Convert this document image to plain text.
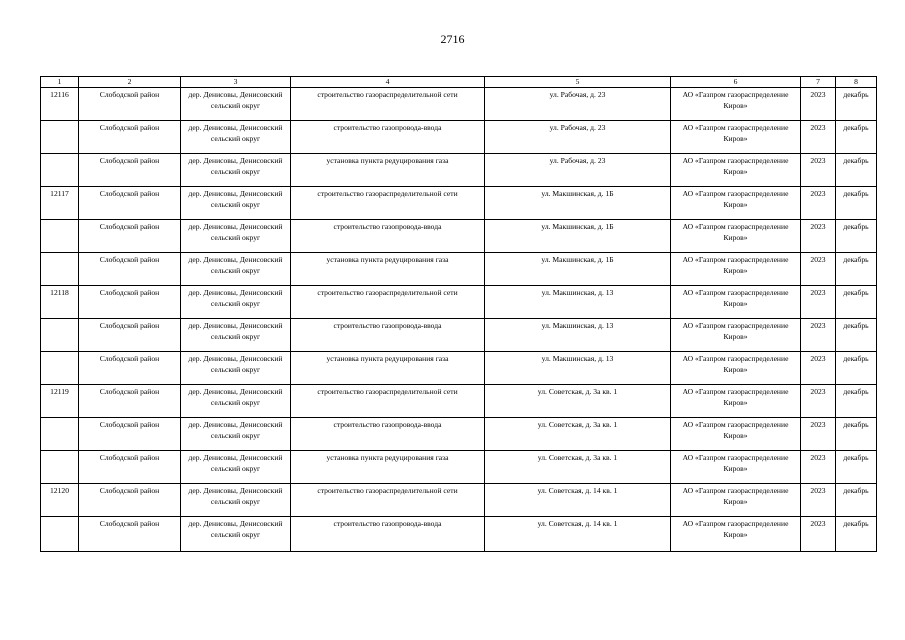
2716
1	2	3	4	5	6	7	8
12116	Слободской район	дер. Денисовы, Денисовский сельский округ	строительство газораспределительной сети	ул. Рабочая, д. 23	АО «Газпром газораспределение Киров»	2023	декабрь
	Слободской район	дер. Денисовы, Денисовский сельский округ	строительство газопровода-ввода	ул. Рабочая, д. 23	АО «Газпром газораспределение Киров»	2023	декабрь
	Слободской район	дер. Денисовы, Денисовский сельский округ	установка пункта редуцирования газа	ул. Рабочая, д. 23	АО «Газпром газораспределение Киров»	2023	декабрь
12117	Слободской район	дер. Денисовы, Денисовский сельский округ	строительство газораспределительной сети	ул. Макшинская, д. 1Б	АО «Газпром газораспределение Киров»	2023	декабрь
	Слободской район	дер. Денисовы, Денисовский сельский округ	строительство газопровода-ввода	ул. Макшинская, д. 1Б	АО «Газпром газораспределение Киров»	2023	декабрь
	Слободской район	дер. Денисовы, Денисовский сельский округ	установка пункта редуцирования газа	ул. Макшинская, д. 1Б	АО «Газпром газораспределение Киров»	2023	декабрь
12118	Слободской район	дер. Денисовы, Денисовский сельский округ	строительство газораспределительной сети	ул. Макшинская, д. 13	АО «Газпром газораспределение Киров»	2023	декабрь
	Слободской район	дер. Денисовы, Денисовский сельский округ	строительство газопровода-ввода	ул. Макшинская, д. 13	АО «Газпром газораспределение Киров»	2023	декабрь
	Слободской район	дер. Денисовы, Денисовский сельский округ	установка пункта редуцирования газа	ул. Макшинская, д. 13	АО «Газпром газораспределение Киров»	2023	декабрь
12119	Слободской район	дер. Денисовы, Денисовский сельский округ	строительство газораспределительной сети	ул. Советская, д. 3а кв. 1	АО «Газпром газораспределение Киров»	2023	декабрь
	Слободской район	дер. Денисовы, Денисовский сельский округ	строительство газопровода-ввода	ул. Советская, д. 3а кв. 1	АО «Газпром газораспределение Киров»	2023	декабрь
	Слободской район	дер. Денисовы, Денисовский сельский округ	установка пункта редуцирования газа	ул. Советская, д. 3а кв. 1	АО «Газпром газораспределение Киров»	2023	декабрь
12120	Слободской район	дер. Денисовы, Денисовский сельский округ	строительство газораспределительной сети	ул. Советская, д. 14 кв. 1	АО «Газпром газораспределение Киров»	2023	декабрь
	Слободской район	дер. Денисовы, Денисовский сельский округ	строительство газопровода-ввода	ул. Советская, д. 14 кв. 1	АО «Газпром газораспределение Киров»	2023	декабрь
